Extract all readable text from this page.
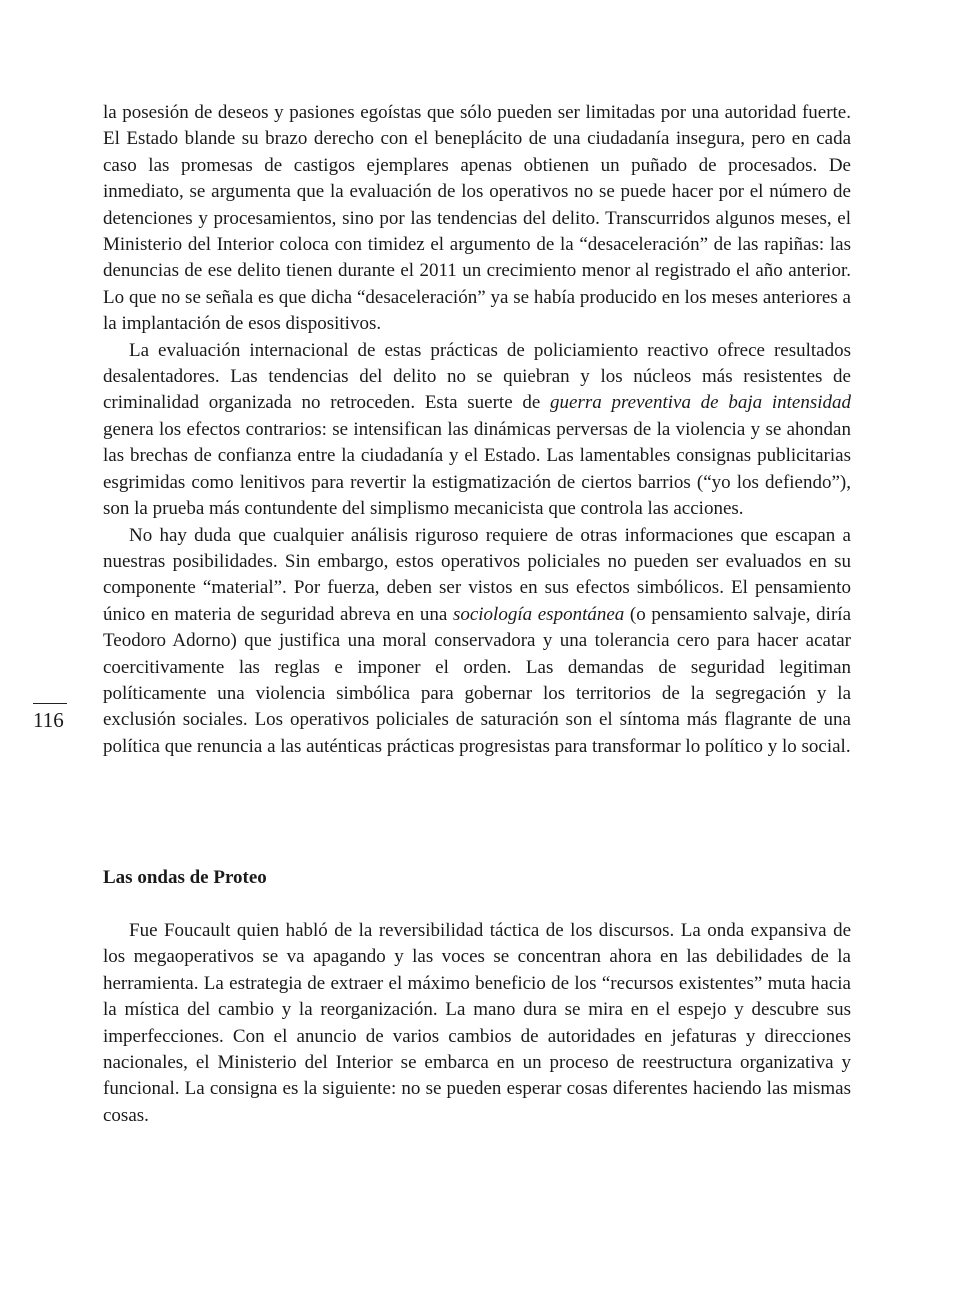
la posesión de deseos y pasiones egoístas que sólo pueden ser limitadas por una autoridad fuerte. El Estado blande su brazo derecho con el beneplácito de una ciudadanía insegura, pero en cada caso las promesas de castigos ejemplares apenas obtienen un puñado de procesados. De inmediato, se argumenta que la evaluación de los operativos no se puede hacer por el número de detenciones y procesamientos, sino por las tendencias del delito. Transcurridos algunos meses, el Ministerio del Interior coloca con timidez el argumento de la “desaceleración” de las rapiñas: las denuncias de ese delito tienen durante el 2011 un crecimiento menor al registrado el año anterior. Lo que no se señala es que dicha “desaceleración” ya se había producido en los meses anteriores a la implantación de esos dispositivos.

La evaluación internacional de estas prácticas de policiamiento reactivo ofrece resultados desalentadores. Las tendencias del delito no se quiebran y los núcleos más resistentes de criminalidad organizada no retroceden. Esta suerte de guerra preventiva de baja intensidad genera los efectos contrarios: se intensifican las dinámicas perversas de la violencia y se ahondan las brechas de confianza entre la ciudadanía y el Estado. Las lamentables consignas publicitarias esgrimidas como lenitivos para revertir la estigmatización de ciertos barrios (“yo los defiendo”), son la prueba más contundente del simplismo mecanicista que controla las acciones.

No hay duda que cualquier análisis riguroso requiere de otras informaciones que escapan a nuestras posibilidades. Sin embargo, estos operativos policiales no pueden ser evaluados en su componente “material”. Por fuerza, deben ser vistos en sus efectos simbólicos. El pensamiento único en materia de seguridad abreva en una sociología espontánea (o pensamiento salvaje, diría Teodoro Adorno) que justifica una moral conservadora y una tolerancia cero para hacer acatar coercitivamente las reglas e imponer el orden. Las demandas de seguridad legitiman políticamente una violencia simbólica para gobernar los territorios de la segregación y la exclusión sociales. Los operativos policiales de saturación son el síntoma más flagrante de una política que renuncia a las auténticas prácticas progresistas para transformar lo político y lo social.

116
Las ondas de Proteo

Fue Foucault quien habló de la reversibilidad táctica de los discursos. La onda expansiva de los megaoperativos se va apagando y las voces se concentran ahora en las debilidades de la herramienta. La estrategia de extraer el máximo beneficio de los “recursos existentes” muta hacia la mística del cambio y la reorganización. La mano dura se mira en el espejo y descubre sus imperfecciones. Con el anuncio de varios cambios de autoridades en jefaturas y direcciones nacionales, el Ministerio del Interior se embarca en un proceso de reestructura organizativa y funcional. La consigna es la siguiente: no se pueden esperar cosas diferentes haciendo las mismas cosas.
